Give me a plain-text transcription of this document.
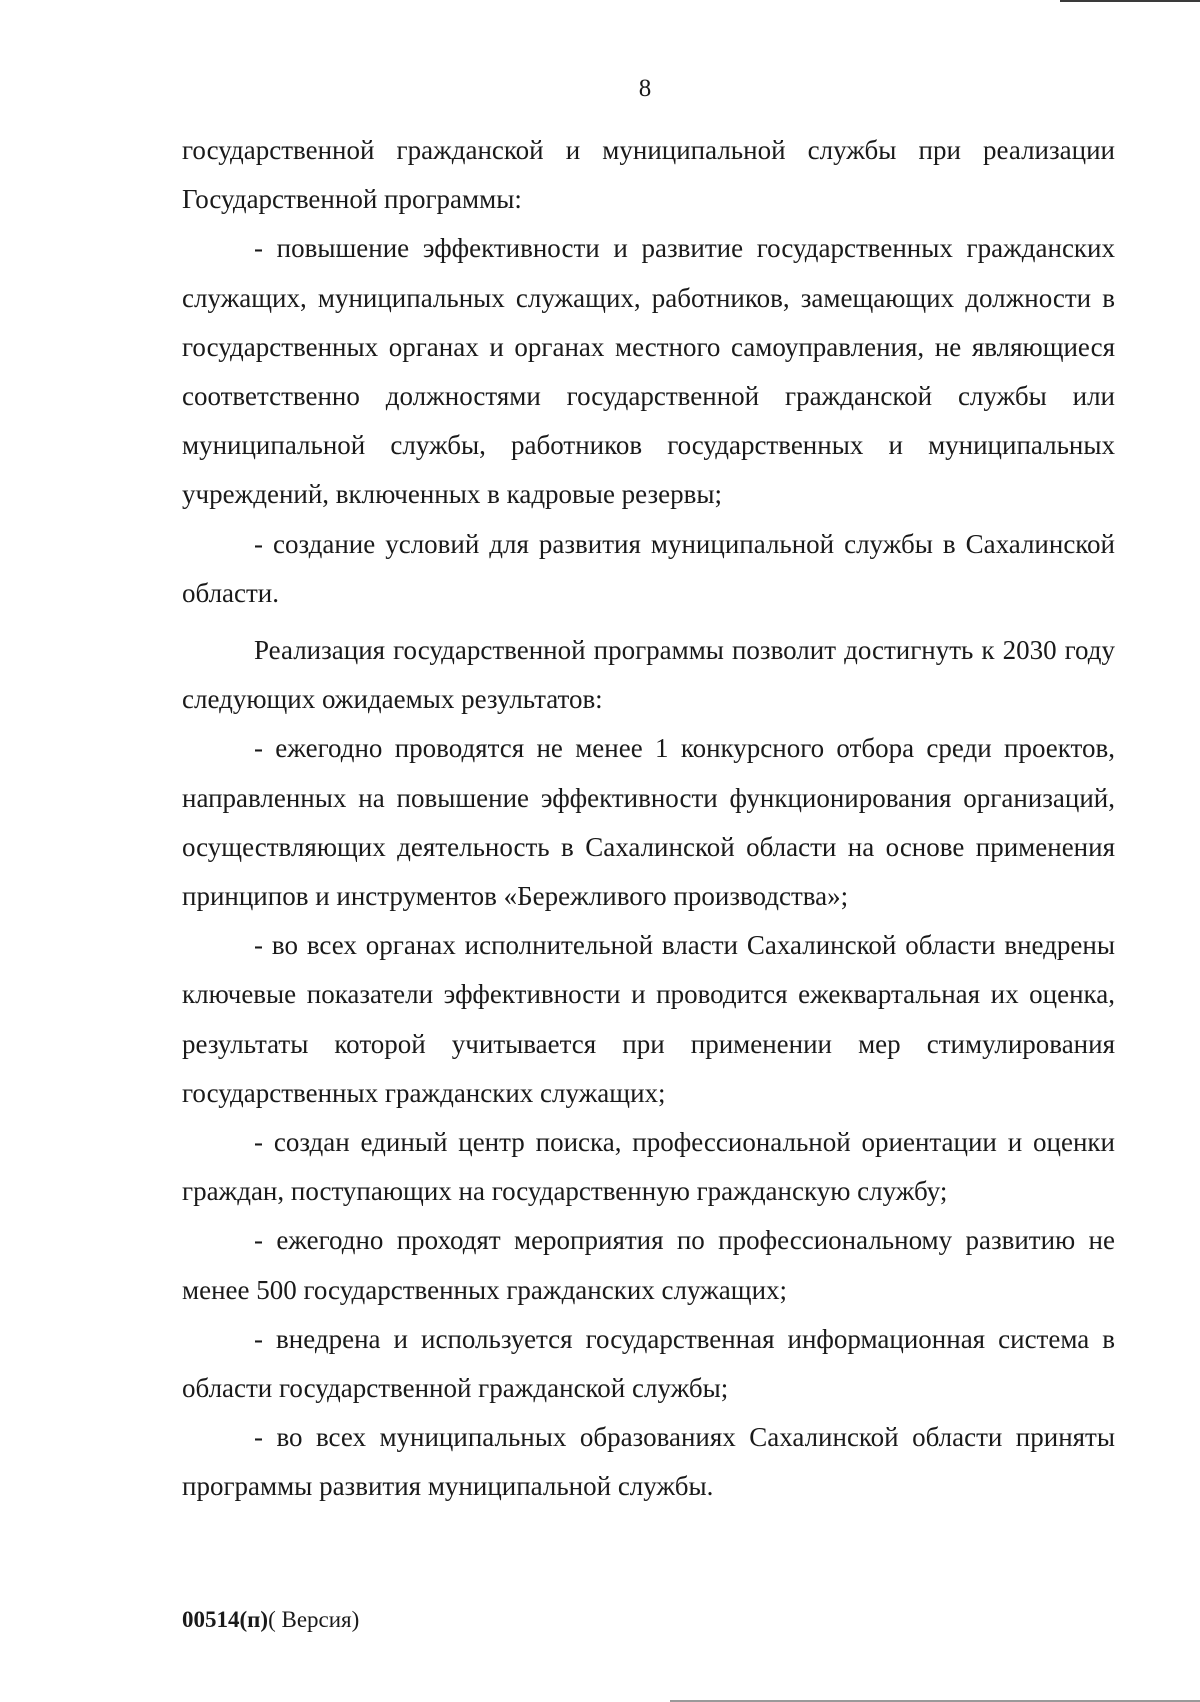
8

государственной гражданской и муниципальной службы при реализации Государственной программы:

- повышение эффективности и развитие государственных гражданских служащих, муниципальных служащих, работников, замещающих должности в государственных органах и органах местного самоуправления, не являющиеся соответственно должностями государственной гражданской службы или муниципальной службы, работников государственных и муниципальных учреждений, включенных в кадровые резервы;

- создание условий для развития муниципальной службы в Сахалинской области.

Реализация государственной программы позволит достигнуть к 2030 году следующих ожидаемых результатов:

- ежегодно проводятся не менее 1 конкурсного отбора среди проектов, направленных на повышение эффективности функционирования организаций, осуществляющих деятельность в Сахалинской области на основе применения принципов и инструментов «Бережливого производства»;

- во всех органах исполнительной власти Сахалинской области внедрены ключевые показатели эффективности и проводится ежеквартальная их оценка, результаты которой учитывается при применении мер стимулирования государственных гражданских служащих;

- создан единый центр поиска, профессиональной ориентации и оценки граждан, поступающих на государственную гражданскую службу;

- ежегодно проходят мероприятия по профессиональному развитию не менее 500 государственных гражданских служащих;

- внедрена и используется государственная информационная система в области государственной гражданской службы;

- во всех муниципальных образованиях Сахалинской области приняты программы развития муниципальной службы.

00514(п)( Версия)
